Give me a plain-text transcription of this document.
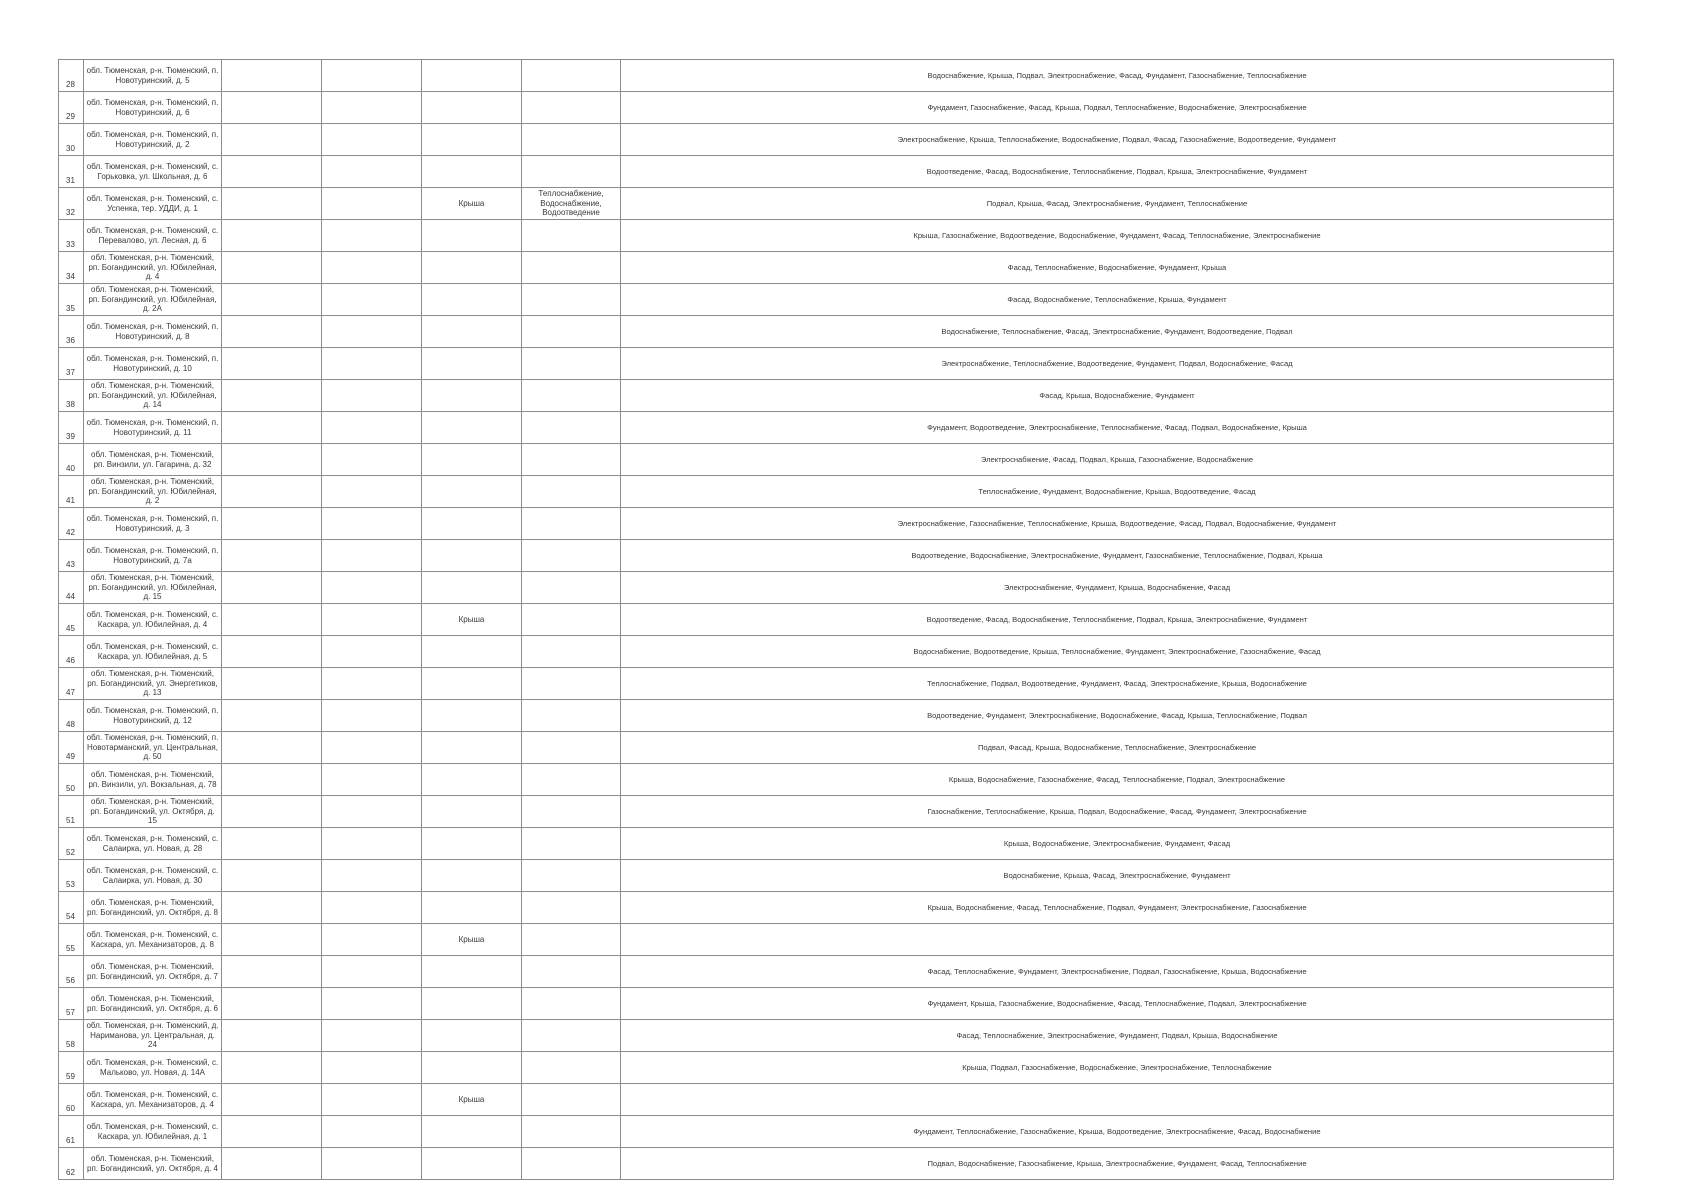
28	обл. Тюменская, р-н. Тюменский, п. Новотуринский, д. 5					Водоснабжение, Крыша, Подвал, Электроснабжение, Фасад, Фундамент, Газоснабжение, Теплоснабжение
29	обл. Тюменская, р-н. Тюменский, п. Новотуринский, д. 6					Фундамент, Газоснабжение, Фасад, Крыша, Подвал, Теплоснабжение, Водоснабжение, Электроснабжение
30	обл. Тюменская, р-н. Тюменский, п. Новотуринский, д. 2					Электроснабжение, Крыша, Теплоснабжение, Водоснабжение, Подвал, Фасад, Газоснабжение, Водоотведение, Фундамент
31	обл. Тюменская, р-н. Тюменский, с. Горьковка, ул. Школьная, д. 6					Водоотведение, Фасад, Водоснабжение, Теплоснабжение, Подвал, Крыша, Электроснабжение, Фундамент
32	обл. Тюменская, р-н. Тюменский, с. Успенка, тер. УДДИ, д. 1			Крыша	Теплоснабжение, Водоснабжение, Водоотведение	Подвал, Крыша, Фасад, Электроснабжение, Фундамент, Теплоснабжение
33	обл. Тюменская, р-н. Тюменский, с. Перевалово, ул. Лесная, д. 6					Крыша, Газоснабжение, Водоотведение, Водоснабжение, Фундамент, Фасад, Теплоснабжение, Электроснабжение
34	обл. Тюменская, р-н. Тюменский, рп. Богандинский, ул. Юбилейная, д. 4					Фасад, Теплоснабжение, Водоснабжение, Фундамент, Крыша
35	обл. Тюменская, р-н. Тюменский, рп. Богандинский, ул. Юбилейная, д. 2А					Фасад, Водоснабжение, Теплоснабжение, Крыша, Фундамент
36	обл. Тюменская, р-н. Тюменский, п. Новотуринский, д. 8					Водоснабжение, Теплоснабжение, Фасад, Электроснабжение, Фундамент, Водоотведение, Подвал
37	обл. Тюменская, р-н. Тюменский, п. Новотуринский, д. 10					Электроснабжение, Теплоснабжение, Водоотведение, Фундамент, Подвал, Водоснабжение, Фасад
38	обл. Тюменская, р-н. Тюменский, рп. Богандинский, ул. Юбилейная, д. 14					Фасад, Крыша, Водоснабжение, Фундамент
39	обл. Тюменская, р-н. Тюменский, п. Новотуринский, д. 11					Фундамент, Водоотведение, Электроснабжение, Теплоснабжение, Фасад, Подвал, Водоснабжение, Крыша
40	обл. Тюменская, р-н. Тюменский, рп. Винзили, ул. Гагарина, д. 32					Электроснабжение, Фасад, Подвал, Крыша, Газоснабжение, Водоснабжение
41	обл. Тюменская, р-н. Тюменский, рп. Богандинский, ул. Юбилейная, д. 2					Теплоснабжение, Фундамент, Водоснабжение, Крыша, Водоотведение, Фасад
42	обл. Тюменская, р-н. Тюменский, п. Новотуринский, д. 3					Электроснабжение, Газоснабжение, Теплоснабжение, Крыша, Водоотведение, Фасад, Подвал, Водоснабжение, Фундамент
43	обл. Тюменская, р-н. Тюменский, п. Новотуринский, д. 7а					Водоотведение, Водоснабжение, Электроснабжение, Фундамент, Газоснабжение, Теплоснабжение, Подвал, Крыша
44	обл. Тюменская, р-н. Тюменский, рп. Богандинский, ул. Юбилейная, д. 15					Электроснабжение, Фундамент, Крыша, Водоснабжение, Фасад
45	обл. Тюменская, р-н. Тюменский, с. Каскара, ул. Юбилейная, д. 4			Крыша		Водоотведение, Фасад, Водоснабжение, Теплоснабжение, Подвал, Крыша, Электроснабжение, Фундамент
46	обл. Тюменская, р-н. Тюменский, с. Каскара, ул. Юбилейная, д. 5					Водоснабжение, Водоотведение, Крыша, Теплоснабжение, Фундамент, Электроснабжение, Газоснабжение, Фасад
47	обл. Тюменская, р-н. Тюменский, рп. Богандинский, ул. Энергетиков, д. 13					Теплоснабжение, Подвал, Водоотведение, Фундамент, Фасад, Электроснабжение, Крыша, Водоснабжение
48	обл. Тюменская, р-н. Тюменский, п. Новотуринский, д. 12					Водоотведение, Фундамент, Электроснабжение, Водоснабжение, Фасад, Крыша, Теплоснабжение, Подвал
49	обл. Тюменская, р-н. Тюменский, п. Новотарманский, ул. Центральная, д. 50					Подвал, Фасад, Крыша, Водоснабжение, Теплоснабжение, Электроснабжение
50	обл. Тюменская, р-н. Тюменский, рп. Винзили, ул. Вокзальная, д. 78					Крыша, Водоснабжение, Газоснабжение, Фасад, Теплоснабжение, Подвал, Электроснабжение
51	обл. Тюменская, р-н. Тюменский, рп. Богандинский, ул. Октября, д. 15					Газоснабжение, Теплоснабжение, Крыша, Подвал, Водоснабжение, Фасад, Фундамент, Электроснабжение
52	обл. Тюменская, р-н. Тюменский, с. Салаирка, ул. Новая, д. 28					Крыша, Водоснабжение, Электроснабжение, Фундамент, Фасад
53	обл. Тюменская, р-н. Тюменский, с. Салаирка, ул. Новая, д. 30					Водоснабжение, Крыша, Фасад, Электроснабжение, Фундамент
54	обл. Тюменская, р-н. Тюменский, рп. Богандинский, ул. Октября, д. 8					Крыша, Водоснабжение, Фасад, Теплоснабжение, Подвал, Фундамент, Электроснабжение, Газоснабжение
55	обл. Тюменская, р-н. Тюменский, с. Каскара, ул. Механизаторов, д. 8			Крыша		
56	обл. Тюменская, р-н. Тюменский, рп. Богандинский, ул. Октября, д. 7					Фасад, Теплоснабжение, Фундамент, Электроснабжение, Подвал, Газоснабжение, Крыша, Водоснабжение
57	обл. Тюменская, р-н. Тюменский, рп. Богандинский, ул. Октября, д. 6					Фундамент, Крыша, Газоснабжение, Водоснабжение, Фасад, Теплоснабжение, Подвал, Электроснабжение
58	обл. Тюменская, р-н. Тюменский, д. Нариманова, ул. Центральная, д. 24					Фасад, Теплоснабжение, Электроснабжение, Фундамент, Подвал, Крыша, Водоснабжение
59	обл. Тюменская, р-н. Тюменский, с. Мальково, ул. Новая, д. 14А					Крыша, Подвал, Газоснабжение, Водоснабжение, Электроснабжение, Теплоснабжение
60	обл. Тюменская, р-н. Тюменский, с. Каскара, ул. Механизаторов, д. 4			Крыша		
61	обл. Тюменская, р-н. Тюменский, с. Каскара, ул. Юбилейная, д. 1					Фундамент, Теплоснабжение, Газоснабжение, Крыша, Водоотведение, Электроснабжение, Фасад, Водоснабжение
62	обл. Тюменская, р-н. Тюменский, рп. Богандинский, ул. Октября, д. 4					Подвал, Водоснабжение, Газоснабжение, Крыша, Электроснабжение, Фундамент, Фасад, Теплоснабжение
